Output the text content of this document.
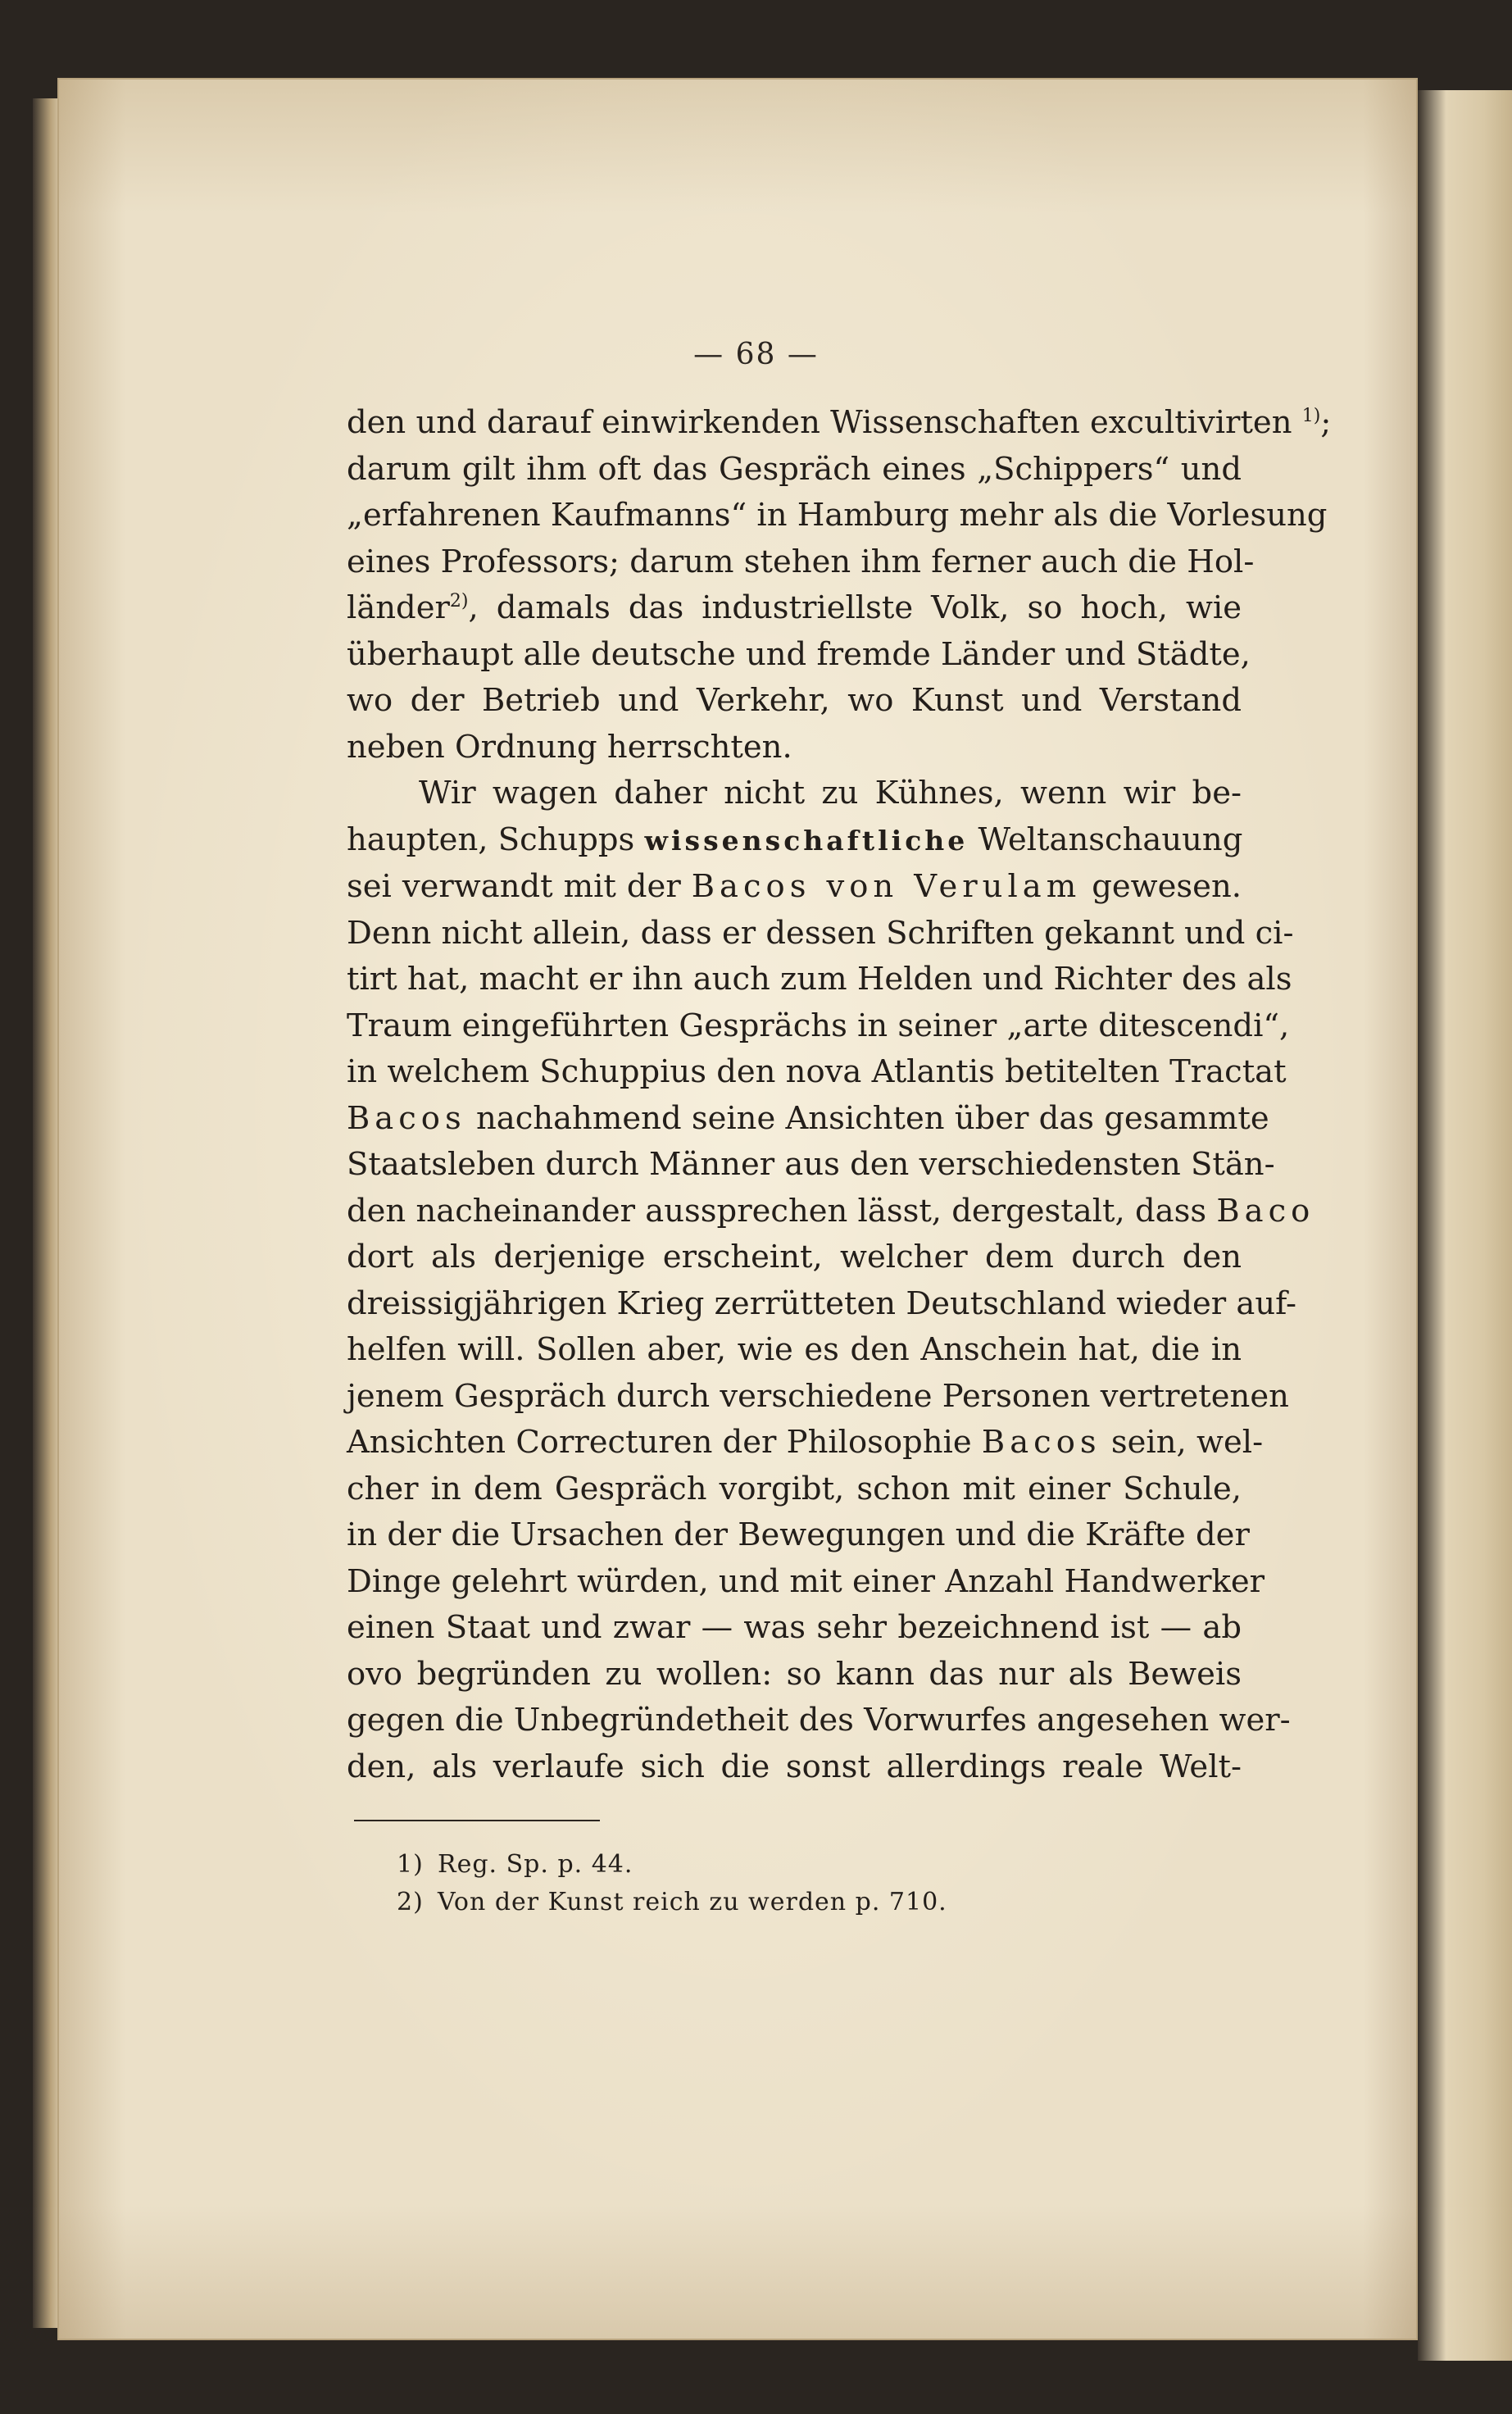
— 68 —

den und darauf einwirkenden Wissenschaften excultivirten $^{1)}$;
darum gilt ihm oft das Gespräch eines „Schippers“ und
„erfahrenen Kaufmanns“ in Hamburg mehr als die Vorlesung
eines Professors; darum stehen ihm ferner auch die Hol-
länder$^{2)}$, damals das industriellste Volk, so hoch, wie
überhaupt alle deutsche und fremde Länder und Städte,
wo der Betrieb und Verkehr, wo Kunst und Verstand
neben Ordnung herrschten.

Wir wagen daher nicht zu Kühnes, wenn wir be-
haupten, Schupps wissenschaftliche Weltanschauung
sei verwandt mit der Bacos von Verulam gewesen.
Denn nicht allein, dass er dessen Schriften gekannt und ci-
tirt hat, macht er ihn auch zum Helden und Richter des als
Traum eingeführten Gesprächs in seiner „arte ditescendi“,
in welchem Schuppius den nova Atlantis betitelten Tractat
Bacos nachahmend seine Ansichten über das gesammte
Staatsleben durch Männer aus den verschiedensten Stän-
den nacheinander aussprechen lässt, dergestalt, dass Baco
dort als derjenige erscheint, welcher dem durch den
dreissigjährigen Krieg zerrütteten Deutschland wieder auf-
helfen will. Sollen aber, wie es den Anschein hat, die in
jenem Gespräch durch verschiedene Personen vertretenen
Ansichten Correcturen der Philosophie Bacos sein, wel-
cher in dem Gespräch vorgibt, schon mit einer Schule,
in der die Ursachen der Bewegungen und die Kräfte der
Dinge gelehrt würden, und mit einer Anzahl Handwerker
einen Staat und zwar — was sehr bezeichnend ist — ab
ovo begründen zu wollen: so kann das nur als Beweis
gegen die Unbegründetheit des Vorwurfes angesehen wer-
den, als verlaufe sich die sonst allerdings reale Welt-

1) Reg. Sp. p. 44.
2) Von der Kunst reich zu werden p. 710.
